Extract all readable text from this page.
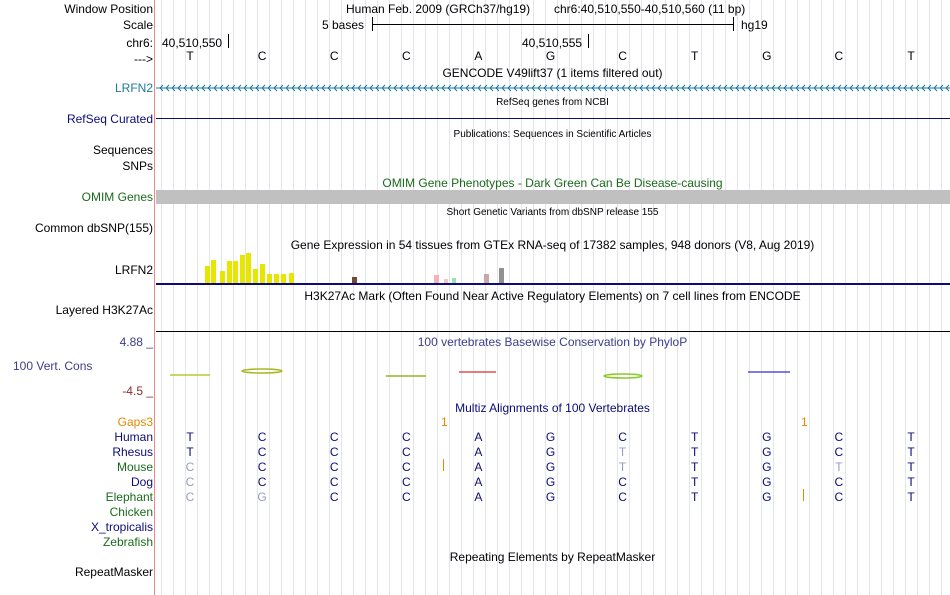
Window Position
Scale
chr6:
--->
Human Feb. 2009 (GRCh37/hg19) chr6:40,510,550-40,510,560 (11 bp)
5 bases	hg19
40,510,550	40,510,555
T	C	C	C	A	G	C	T	G	C	T
GENCODE V49lift37 (1 items filtered out)
LRFN2
RefSeq genes from NCBI
RefSeq Curated
Publications: Sequences in Scientific Articles
Sequences
SNPs
OMIM Gene Phenotypes - Dark Green Can Be Disease-causing
OMIM Genes
Short Genetic Variants from dbSNP release 155
Common dbSNP(155)
Gene Expression in 54 tissues from GTEx RNA-seq of 17382 samples, 948 donors (V8, Aug 2019)
LRFN2
H3K27Ac Mark (Often Found Near Active Regulatory Elements) on 7 cell lines from ENCODE
Layered H3K27Ac
100 vertebrates Basewise Conservation by PhyloP
4.88 _
100 Vert. Cons
-4.5 _
Multiz Alignments of 100 Vertebrates
Gaps3	1	1
Human	T	C	C	C	A	G	C	T	G	C	T
Rhesus	T	C	C	C	A	G	T	T	G	C	T
Mouse	C	C	C	C	A	G	T	T	G	T	T
Dog	C	C	C	C	A	G	C	T	G	C	T
Elephant	C	G	C	C	A	G	C	T	G	C	T
Chicken
X_tropicalis
Zebrafish
Repeating Elements by RepeatMasker
RepeatMasker
